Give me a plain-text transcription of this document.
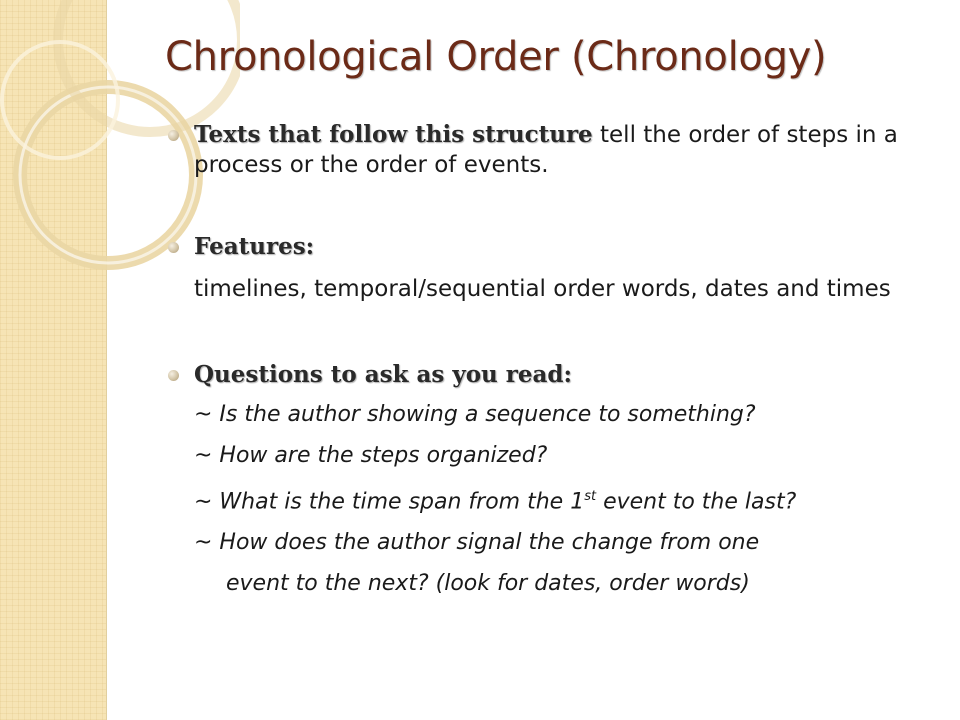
Chronological Order (Chronology)
Texts that follow this structure tell the order of steps in a process or the order of events.
Features:
timelines, temporal/sequential order words, dates and times
Questions to ask as you read:
~ Is the author showing a sequence to something?
~ How are the steps organized?
~ What is the time span from the 1st event to the last?
~ How does the author signal the change from one
event to the next? (look for dates, order words)
